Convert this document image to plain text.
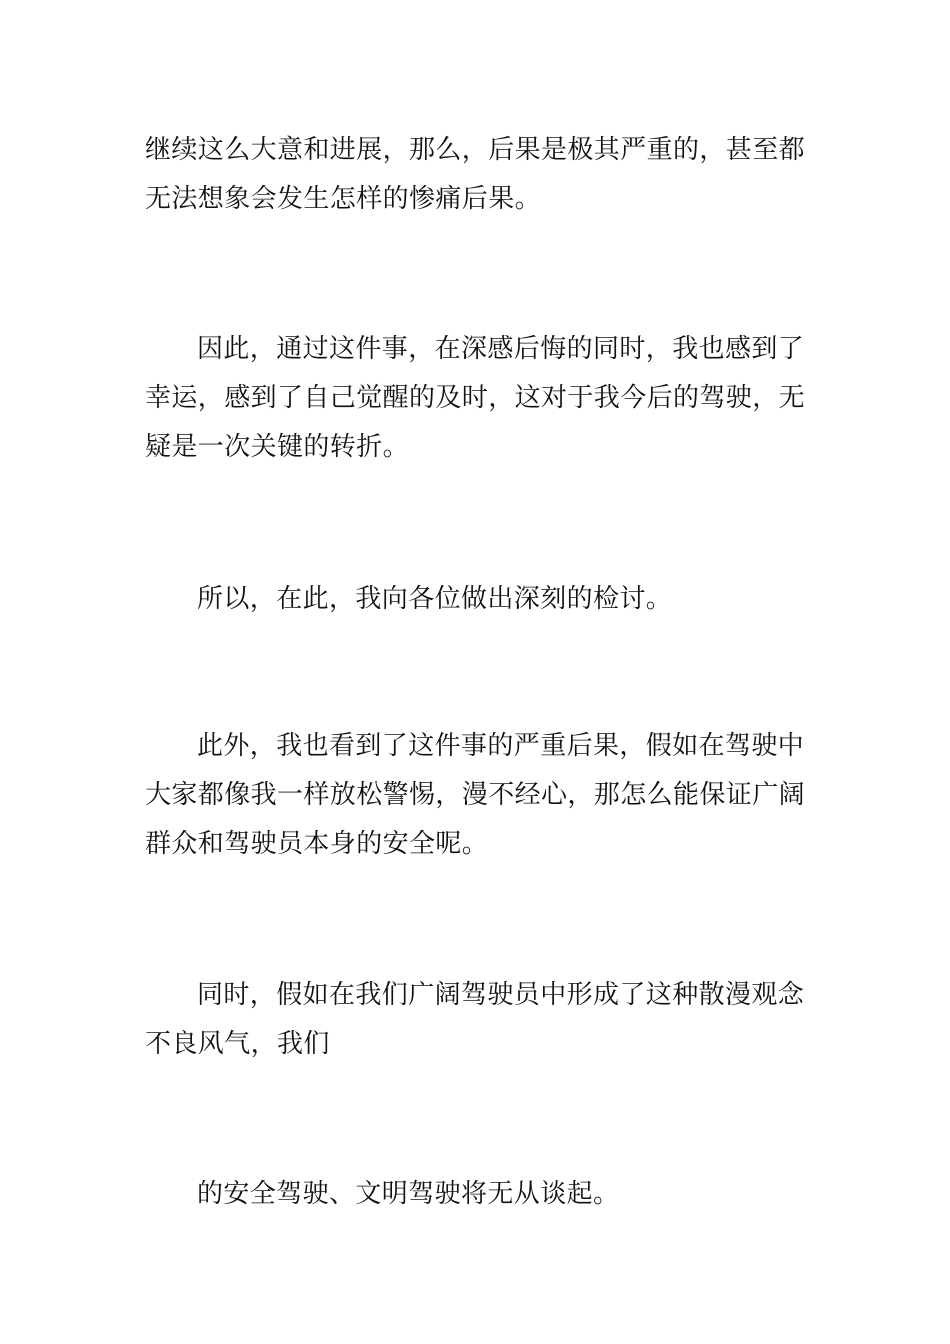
继续这么大意和进展，那么，后果是极其严重的，甚至都
无法想象会发生怎样的惨痛后果。
因此，通过这件事，在深感后悔的同时，我也感到了
幸运，感到了自己觉醒的及时，这对于我今后的驾驶，无
疑是一次关键的转折。
所以，在此，我向各位做出深刻的检讨。
此外，我也看到了这件事的严重后果，假如在驾驶中
大家都像我一样放松警惕，漫不经心，那怎么能保证广阔
群众和驾驶员本身的安全呢。
同时，假如在我们广阔驾驶员中形成了这种散漫观念
不良风气，我们
的安全驾驶、文明驾驶将无从谈起。
